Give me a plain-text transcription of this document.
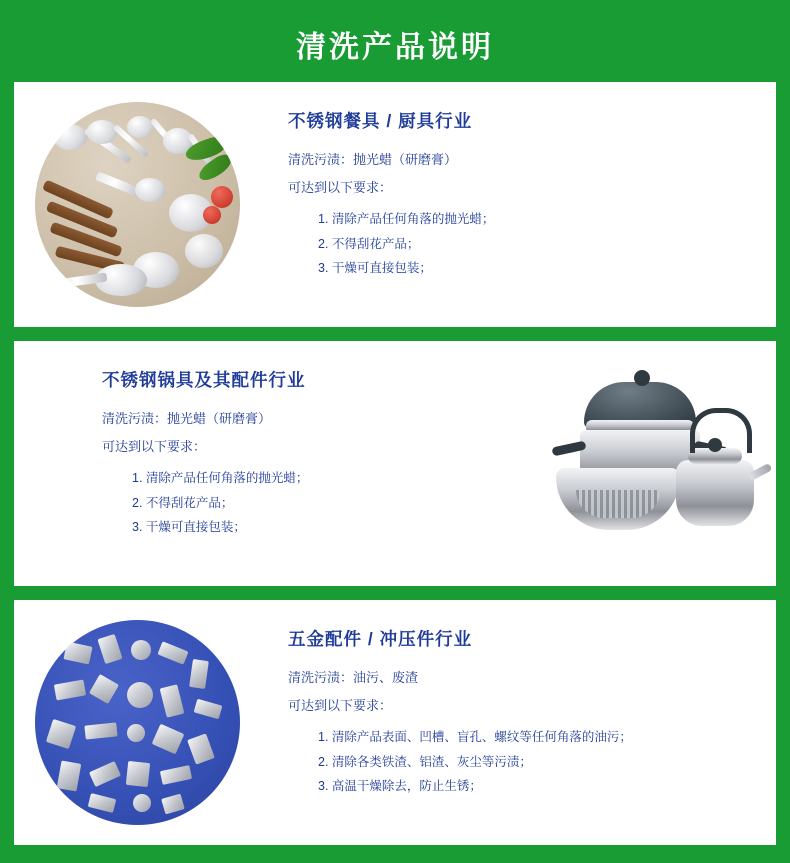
清洗产品说明
不锈钢餐具 / 厨具行业
清洗污渍：抛光蜡（研磨膏）
可达到以下要求：
1. 清除产品任何角落的抛光蜡；
2. 不得刮花产品；
3. 干燥可直接包装；
不锈钢锅具及其配件行业
清洗污渍：抛光蜡（研磨膏）
可达到以下要求：
1. 清除产品任何角落的抛光蜡；
2. 不得刮花产品；
3. 干燥可直接包装；
五金配件 / 冲压件行业
清洗污渍：油污、废渣
可达到以下要求：
1. 清除产品表面、凹槽、盲孔、螺纹等任何角落的油污；
2. 清除各类铁渣、铝渣、灰尘等污渍；
3. 高温干燥除去，防止生锈；
